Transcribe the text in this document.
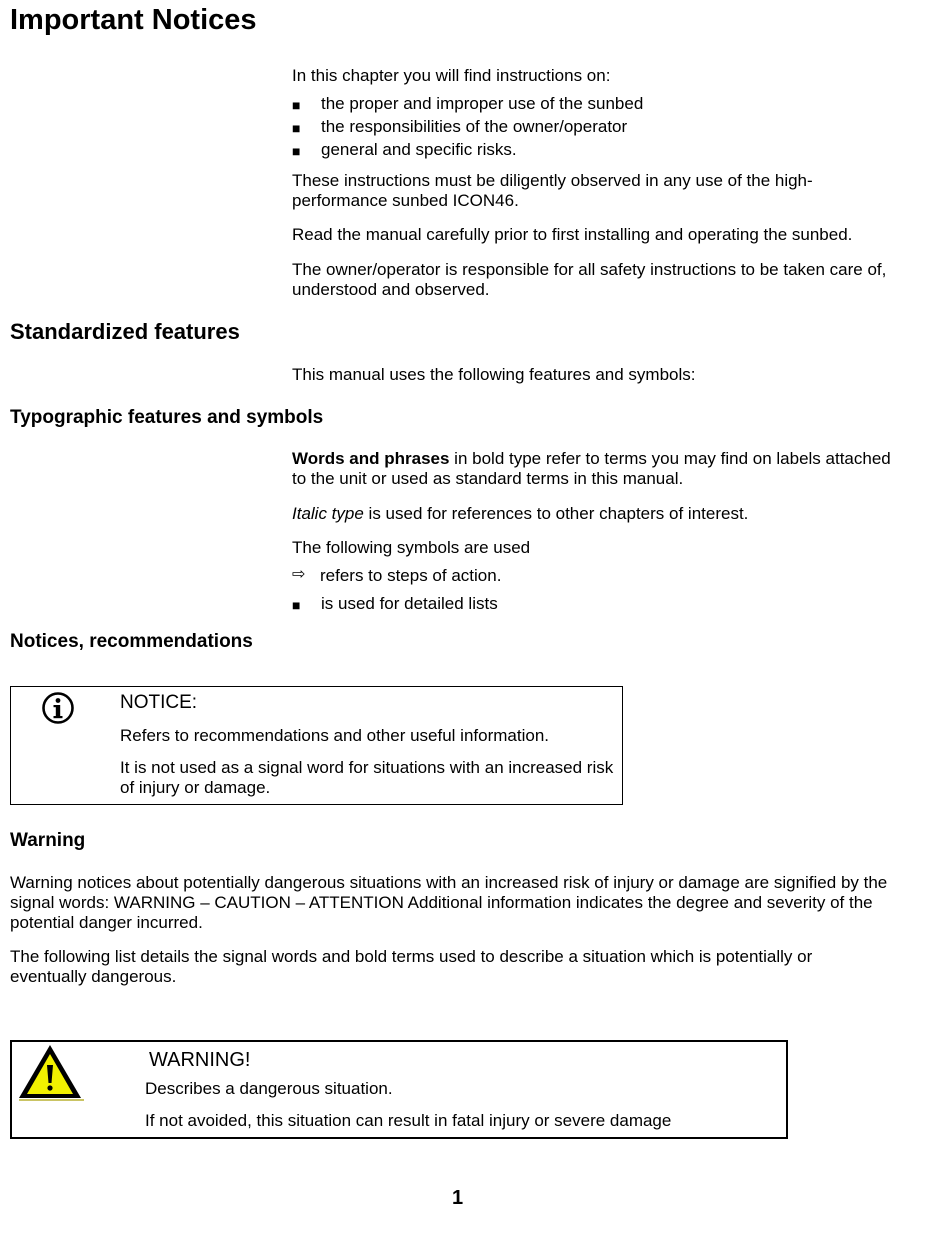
Important Notices
In this chapter you will find instructions on:
■ the proper and improper use of the sunbed
■ the responsibilities of the owner/operator
■ general and specific risks.
These instructions must be diligently observed in any use of the high-performance sunbed ICON46.
Read the manual carefully prior to first installing and operating the sunbed.
The owner/operator is responsible for all safety instructions to be taken care of, understood and observed.
Standardized features
This manual uses the following features and symbols:
Typographic features and symbols
Words and phrases in bold type refer to terms you may find on labels attached to the unit or used as standard terms in this manual.
Italic type is used for references to other chapters of interest.
The following symbols are used
⇨ refers to steps of action.
■ is used for detailed lists
Notices, recommendations
NOTICE:
Refers to recommendations and other useful information.
It is not used as a signal word for situations with an increased risk of injury or damage.
Warning
Warning notices about potentially dangerous situations with an increased risk of injury or damage are signified by the signal words: WARNING – CAUTION – ATTENTION Additional information indicates the degree and severity of the potential danger incurred.
The following list details the signal words and bold terms used to describe a situation which is potentially or eventually dangerous.
WARNING!
Describes a dangerous situation.
If not avoided, this situation can result in fatal injury or severe damage
1
